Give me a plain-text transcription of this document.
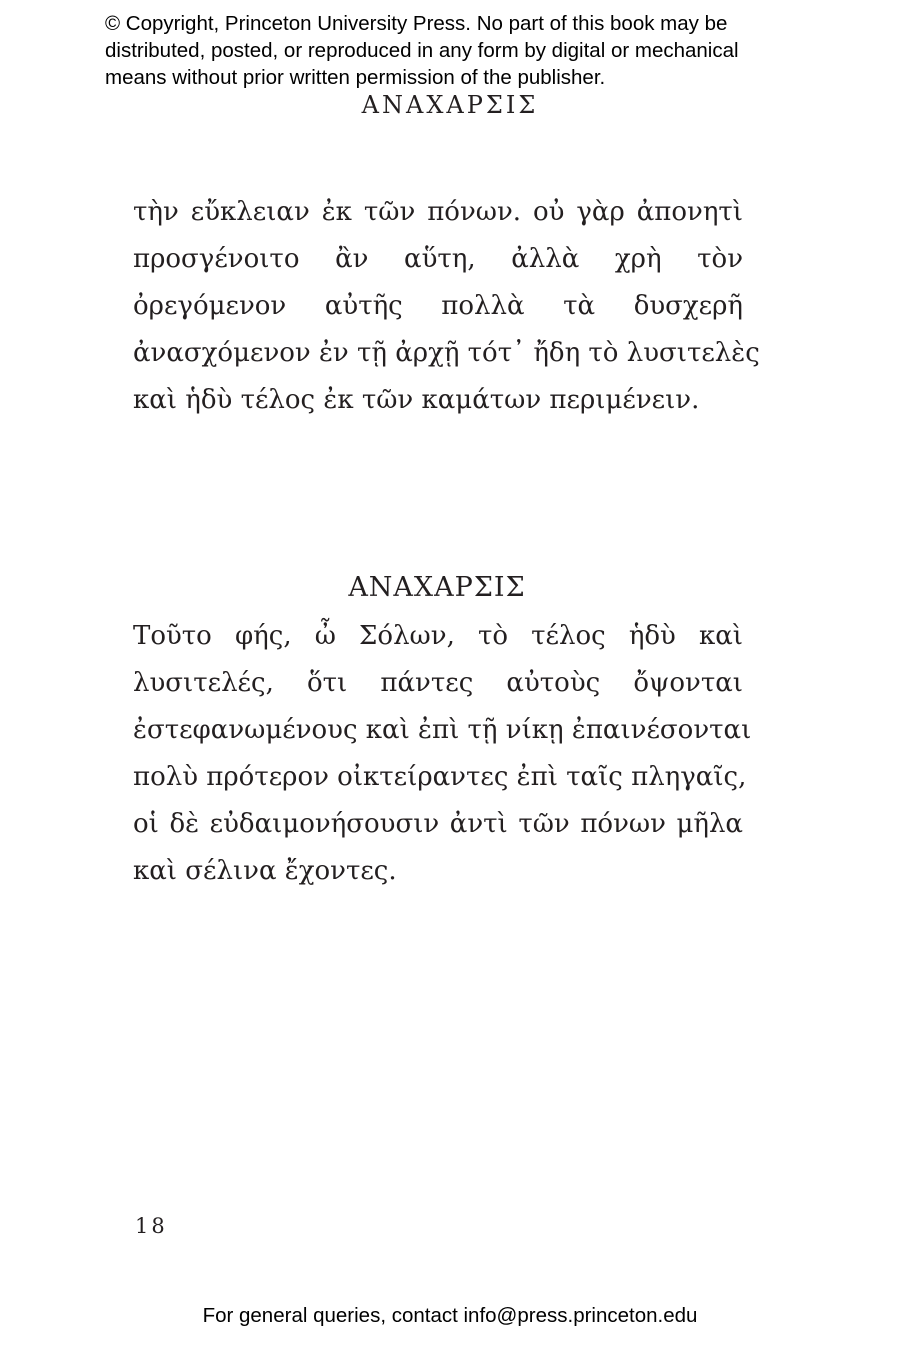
© Copyright, Princeton University Press. No part of this book may be
distributed, posted, or reproduced in any form by digital or mechanical
means without prior written permission of the publisher.
ΑΝΑΧΑΡΣΙΣ
τὴν εὔκλειαν ἐκ τῶν πόνων. οὐ γὰρ ἀπονητὶ
προσγένοιτο ἂν αὕτη, ἀλλὰ χρὴ τὸν
ὀρεγόμενον αὐτῆς πολλὰ τὰ δυσχερῆ
ἀνασχόμενον ἐν τῇ ἀρχῇ τότ᾽ ἤδη τὸ λυσιτελὲς
καὶ ἡδὺ τέλος ἐκ τῶν καμάτων περιμένειν.
ΑΝΑΧΑΡΣΙΣ
Τοῦτο φής, ὦ Σόλων, τὸ τέλος ἡδὺ καὶ
λυσιτελές, ὅτι πάντες αὐτοὺς ὄψονται
ἐστεφανωμένους καὶ ἐπὶ τῇ νίκῃ ἐπαινέσονται
πολὺ πρότερον οἰκτείραντες ἐπὶ ταῖς πληγαῖς,
οἱ δὲ εὐδαιμονήσουσιν ἀντὶ τῶν πόνων μῆλα
καὶ σέλινα ἔχοντες.
18
For general queries, contact info@press.princeton.edu
